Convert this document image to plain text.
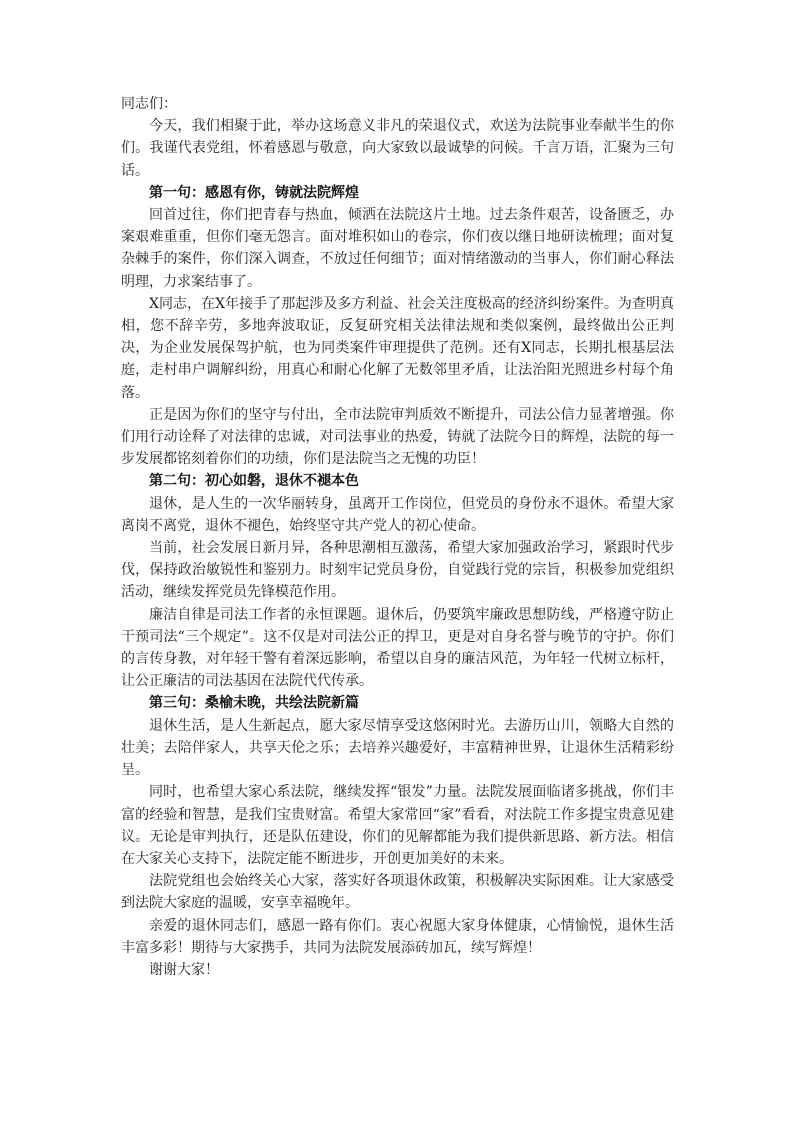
同志们：

今天，我们相聚于此，举办这场意义非凡的荣退仪式，欢送为法院事业奉献半生的你们。我谨代表党组，怀着感恩与敬意，向大家致以最诚挚的问候。千言万语，汇聚为三句话。

第一句：感恩有你，铸就法院辉煌

回首过往，你们把青春与热血，倾洒在法院这片土地。过去条件艰苦，设备匮乏，办案艰难重重，但你们毫无怨言。面对堆积如山的卷宗，你们夜以继日地研读梳理；面对复杂棘手的案件，你们深入调查，不放过任何细节；面对情绪激动的当事人，你们耐心释法明理，力求案结事了。

X同志，在X年接手了那起涉及多方利益、社会关注度极高的经济纠纷案件。为查明真相，您不辞辛劳，多地奔波取证，反复研究相关法律法规和类似案例，最终做出公正判决，为企业发展保驾护航，也为同类案件审理提供了范例。还有X同志，长期扎根基层法庭，走村串户调解纠纷，用真心和耐心化解了无数邻里矛盾，让法治阳光照进乡村每个角落。

正是因为你们的坚守与付出，全市法院审判质效不断提升，司法公信力显著增强。你们用行动诠释了对法律的忠诚，对司法事业的热爱，铸就了法院今日的辉煌，法院的每一步发展都铭刻着你们的功绩，你们是法院当之无愧的功臣！

第二句：初心如磐，退休不褪本色

退休，是人生的一次华丽转身，虽离开工作岗位，但党员的身份永不退休。希望大家离岗不离党，退休不褪色，始终坚守共产党人的初心使命。

当前，社会发展日新月异，各种思潮相互激荡，希望大家加强政治学习，紧跟时代步伐，保持政治敏锐性和鉴别力。时刻牢记党员身份，自觉践行党的宗旨，积极参加党组织活动，继续发挥党员先锋模范作用。

廉洁自律是司法工作者的永恒课题。退休后，仍要筑牢廉政思想防线，严格遵守防止干预司法“三个规定”。这不仅是对司法公正的捍卫，更是对自身名誉与晚节的守护。你们的言传身教，对年轻干警有着深远影响，希望以自身的廉洁风范，为年轻一代树立标杆，让公正廉洁的司法基因在法院代代传承。

第三句：桑榆未晚，共绘法院新篇

退休生活，是人生新起点，愿大家尽情享受这悠闲时光。去游历山川，领略大自然的壮美；去陪伴家人，共享天伦之乐；去培养兴趣爱好，丰富精神世界，让退休生活精彩纷呈。

同时，也希望大家心系法院，继续发挥“银发”力量。法院发展面临诸多挑战，你们丰富的经验和智慧，是我们宝贵财富。希望大家常回“家”看看，对法院工作多提宝贵意见建议。无论是审判执行，还是队伍建设，你们的见解都能为我们提供新思路、新方法。相信在大家关心支持下，法院定能不断进步，开创更加美好的未来。

法院党组也会始终关心大家，落实好各项退休政策，积极解决实际困难。让大家感受到法院大家庭的温暖，安享幸福晚年。

亲爱的退休同志们，感恩一路有你们。衷心祝愿大家身体健康，心情愉悦，退休生活丰富多彩！期待与大家携手，共同为法院发展添砖加瓦，续写辉煌！

谢谢大家！
